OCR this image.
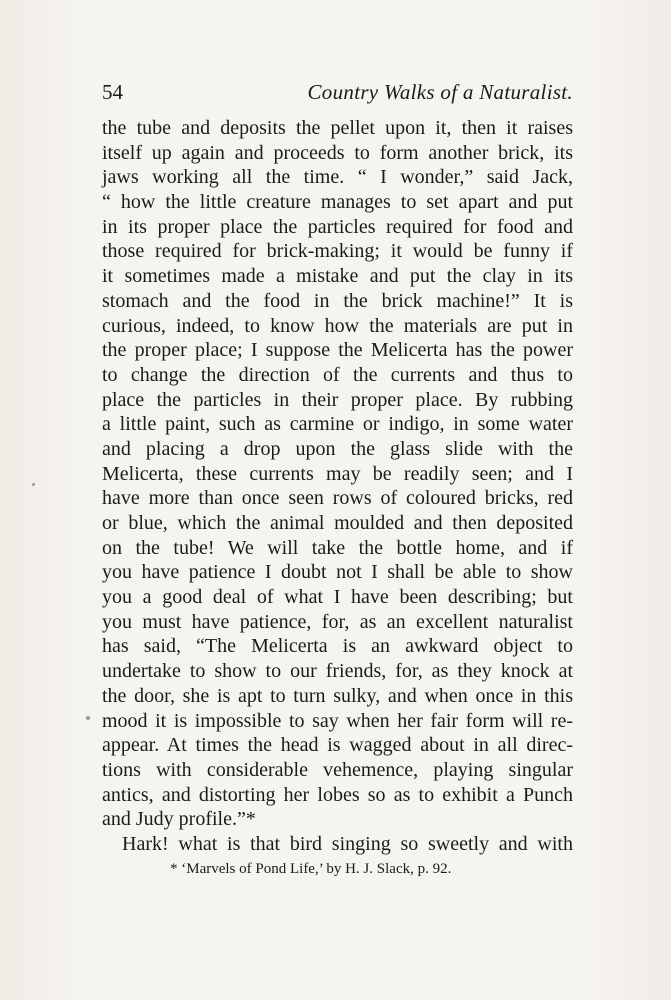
54	Country Walks of a Naturalist.
the tube and deposits the pellet upon it, then it raises
itself up again and proceeds to form another brick, its
jaws working all the time. “ I wonder,” said Jack,
“ how the little creature manages to set apart and put
in its proper place the particles required for food and
those required for brick-making; it would be funny if
it sometimes made a mistake and put the clay in its
stomach and the food in the brick machine!” It is
curious, indeed, to know how the materials are put in
the proper place; I suppose the Melicerta has the power
to change the direction of the currents and thus to
place the particles in their proper place. By rubbing
a little paint, such as carmine or indigo, in some water
and placing a drop upon the glass slide with the
Melicerta, these currents may be readily seen; and I
have more than once seen rows of coloured bricks, red
or blue, which the animal moulded and then deposited
on the tube! We will take the bottle home, and if
you have patience I doubt not I shall be able to show
you a good deal of what I have been describing; but
you must have patience, for, as an excellent naturalist
has said, “The Melicerta is an awkward object to
undertake to show to our friends, for, as they knock at
the door, she is apt to turn sulky, and when once in this
mood it is impossible to say when her fair form will re-
appear. At times the head is wagged about in all direc-
tions with considerable vehemence, playing singular
antics, and distorting her lobes so as to exhibit a Punch
and Judy profile.”*
Hark! what is that bird singing so sweetly and with
* ‘Marvels of Pond Life,’ by H. J. Slack, p. 92.
